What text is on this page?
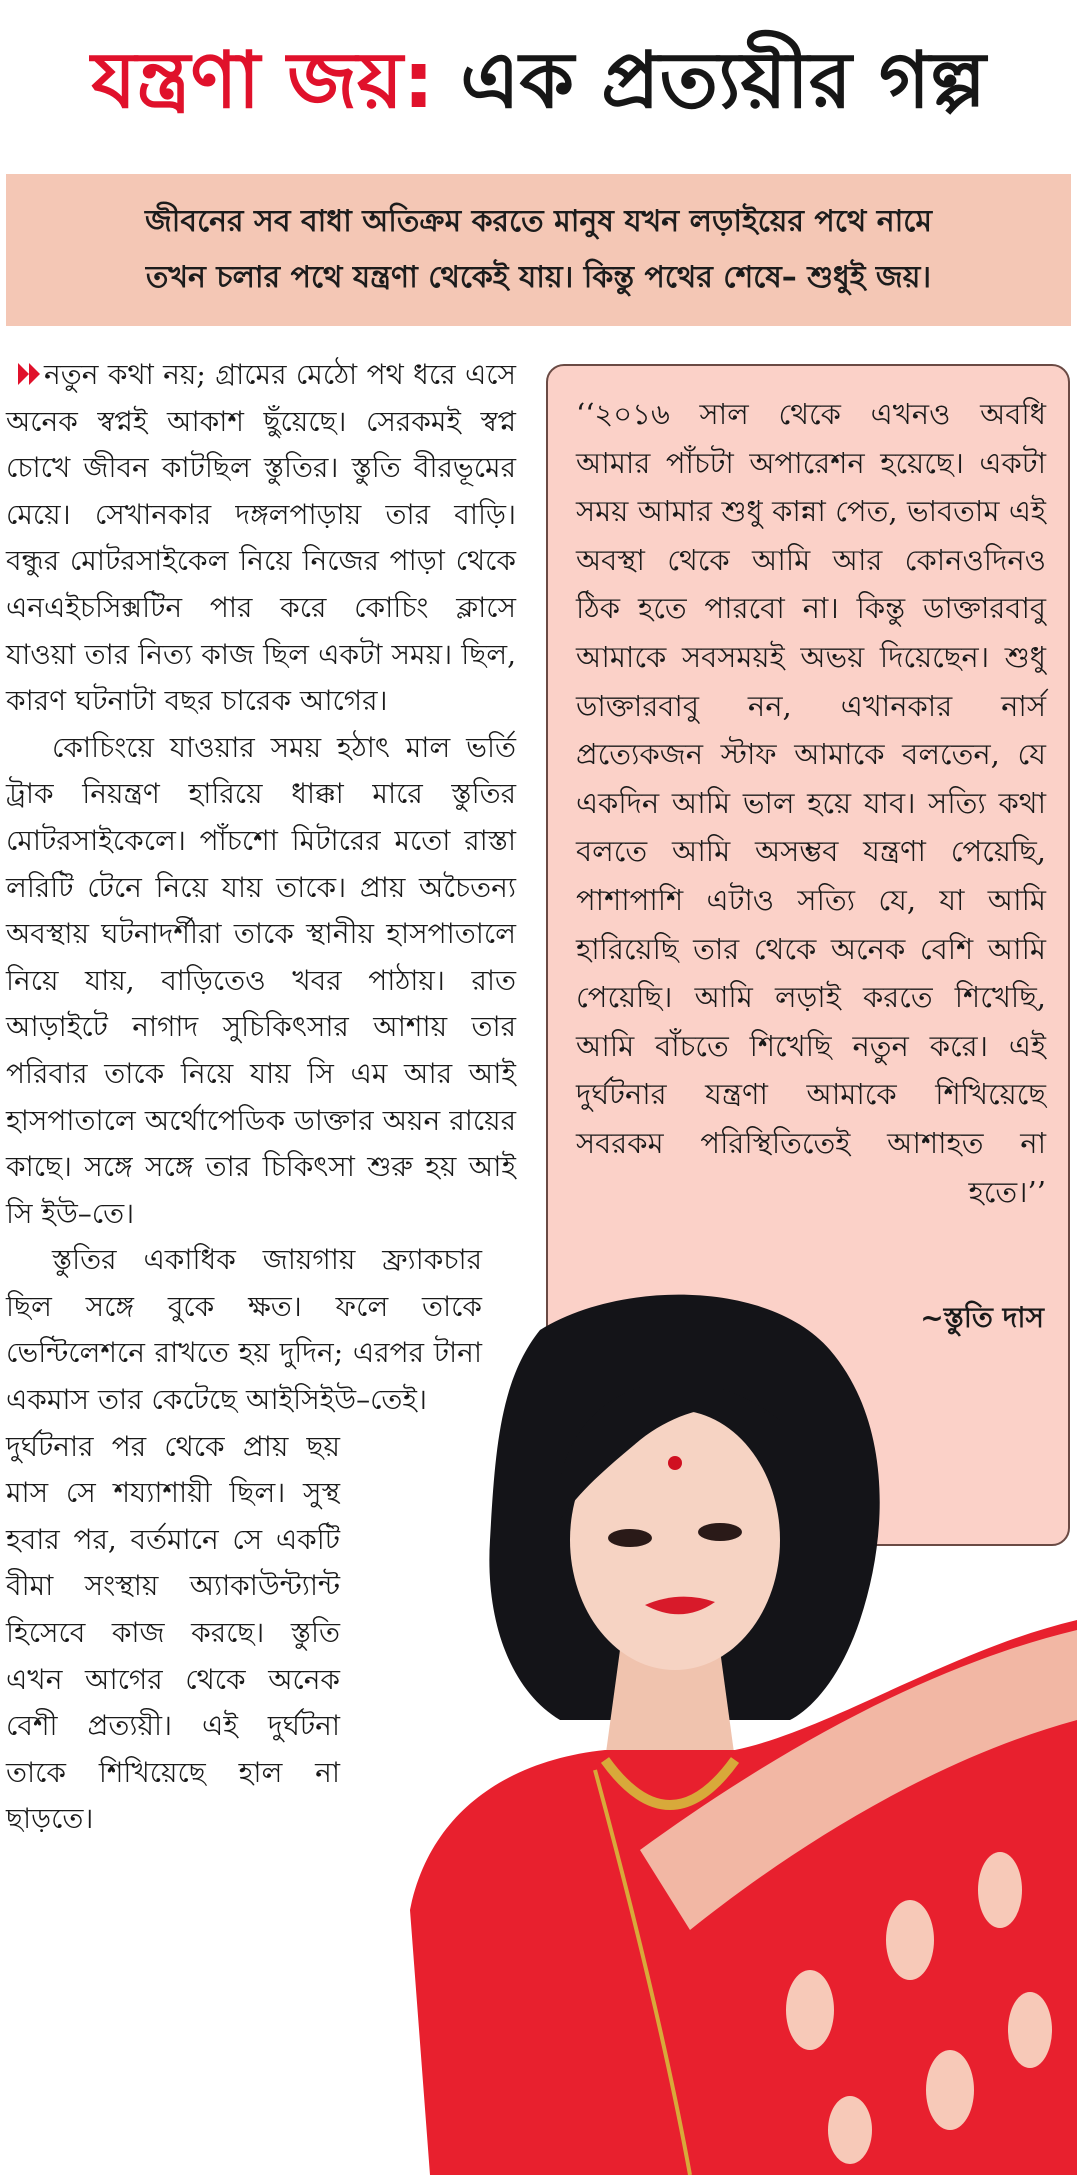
যন্ত্রণা জয়: এক প্রত্যয়ীর গল্প
জীবনের সব বাধা অতিক্রম করতে মানুষ যখন লড়াইয়ের পথে নামে
তখন চলার পথে যন্ত্রণা থেকেই যায়। কিন্তু পথের শেষে– শুধুই জয়।

নতুন কথা নয়; গ্রামের মেঠো পথ ধরে এসে অনেক স্বপ্নই আকাশ ছুঁয়েছে। সেরকমই স্বপ্ন চোখে জীবন কাটছিল স্তুতির। স্তুতি বীরভূমের মেয়ে। সেখানকার দঙ্গলপাড়ায় তার বাড়ি। বন্ধুর মোটরসাইকেল নিয়ে নিজের পাড়া থেকে এনএইচসিক্সটিন পার করে কোচিং ক্লাসে যাওয়া তার নিত্য কাজ ছিল একটা সময়। ছিল, কারণ ঘটনাটা বছর চারেক আগের।

কোচিংয়ে যাওয়ার সময় হঠাৎ মাল ভর্তি ট্রাক নিয়ন্ত্রণ হারিয়ে ধাক্কা মারে স্তুতির মোটরসাইকেলে। পাঁচশো মিটারের মতো রাস্তা লরিটি টেনে নিয়ে যায় তাকে। প্রায় অচৈতন্য অবস্থায় ঘটনাদর্শীরা তাকে স্থানীয় হাসপাতালে নিয়ে যায়, বাড়িতেও খবর পাঠায়। রাত আড়াইটে নাগাদ সুচিকিৎসার আশায় তার পরিবার তাকে নিয়ে যায় সি এম আর আই হাসপাতালে অর্থোপেডিক ডাক্তার অয়ন রায়ের কাছে। সঙ্গে সঙ্গে তার চিকিৎসা শুরু হয় আই সি ইউ–তে।

স্তুতির একাধিক জায়গায় ফ্র্যাকচার ছিল সঙ্গে বুকে ক্ষত। ফলে তাকে ভেন্টিলেশনে রাখতে হয় দুদিন; এরপর টানা একমাস তার কেটেছে আইসিইউ–তেই।

দুর্ঘটনার পর থেকে প্রায় ছয় মাস সে শয্যাশায়ী ছিল। সুস্থ হবার পর, বর্তমানে সে একটি বীমা সংস্থায় অ্যাকাউন্ট্যান্ট হিসেবে কাজ করছে। স্তুতি এখন আগের থেকে অনেক বেশী প্রত্যয়ী। এই দুর্ঘটনা তাকে শিখিয়েছে হাল না ছাড়তে।
‘‘২০১৬ সাল থেকে এখনও অবধি আমার পাঁচটা অপারেশন হয়েছে। একটা সময় আমার শুধু কান্না পেত, ভাবতাম এই অবস্থা থেকে আমি আর কোনওদিনও ঠিক হতে পারবো না। কিন্তু ডাক্তারবাবু আমাকে সবসময়ই অভয় দিয়েছেন। শুধু ডাক্তারবাবু নন, এখানকার নার্স প্রত্যেকজন স্টাফ আমাকে বলতেন, যে একদিন আমি ভাল হয়ে যাব। সত্যি কথা বলতে আমি অসম্ভব যন্ত্রণা পেয়েছি, পাশাপাশি এটাও সত্যি যে, যা আমি হারিয়েছি তার থেকে অনেক বেশি আমি পেয়েছি। আমি লড়াই করতে শিখেছি, আমি বাঁচতে শিখেছি নতুন করে। এই দুর্ঘটনার যন্ত্রণা আমাকে শিখিয়েছে সবরকম পরিস্থিতিতেই আশাহত না হতে।’’
~স্তুতি দাস
